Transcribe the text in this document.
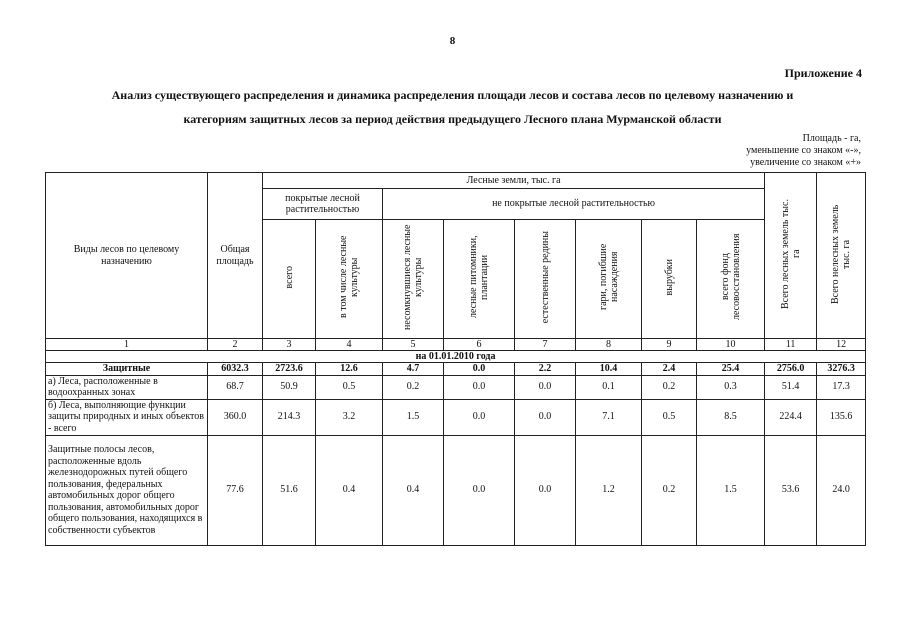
8
Приложение 4
Анализ существующего распределения и динамика распределения площади лесов и состава лесов по целевому назначению и
категориям защитных лесов за период действия предыдущего Лесного плана Мурманской области
Площадь - га,
уменьшение со знаком «-»,
увеличение со знаком «+»
Виды лесов по целевому назначению	Общая площадь	Лесные земли, тыс. га								Всего лесных земель тыс. га	Всего нелесных земель тыс. га
		покрытые лесной растительностью		не покрытые лесной растительностью							
		всего	в том числе лесные культуры	несомкнувшиеся лесные культуры	лесные питомники, плантации	естественные редины	гари, погибшие насаждения	вырубки	всего фонд лесовосстановления		
1	2	3	4	5	6	7	8	9	10	11	12
на 01.01.2010 года											
Защитные	6032.3	2723.6	12.6	4.7	0.0	2.2	10.4	2.4	25.4	2756.0	3276.3
а) Леса, расположенные в водоохранных зонах	68.7	50.9	0.5	0.2	0.0	0.0	0.1	0.2	0.3	51.4	17.3
б) Леса, выполняющие функции защиты природных и иных объектов - всего	360.0	214.3	3.2	1.5	0.0	0.0	7.1	0.5	8.5	224.4	135.6
Защитные полосы лесов, расположенные вдоль железнодорожных путей общего пользования, федеральных автомобильных дорог общего пользования, автомобильных дорог общего пользования, находящихся в собственности субъектов	77.6	51.6	0.4	0.4	0.0	0.0	1.2	0.2	1.5	53.6	24.0
